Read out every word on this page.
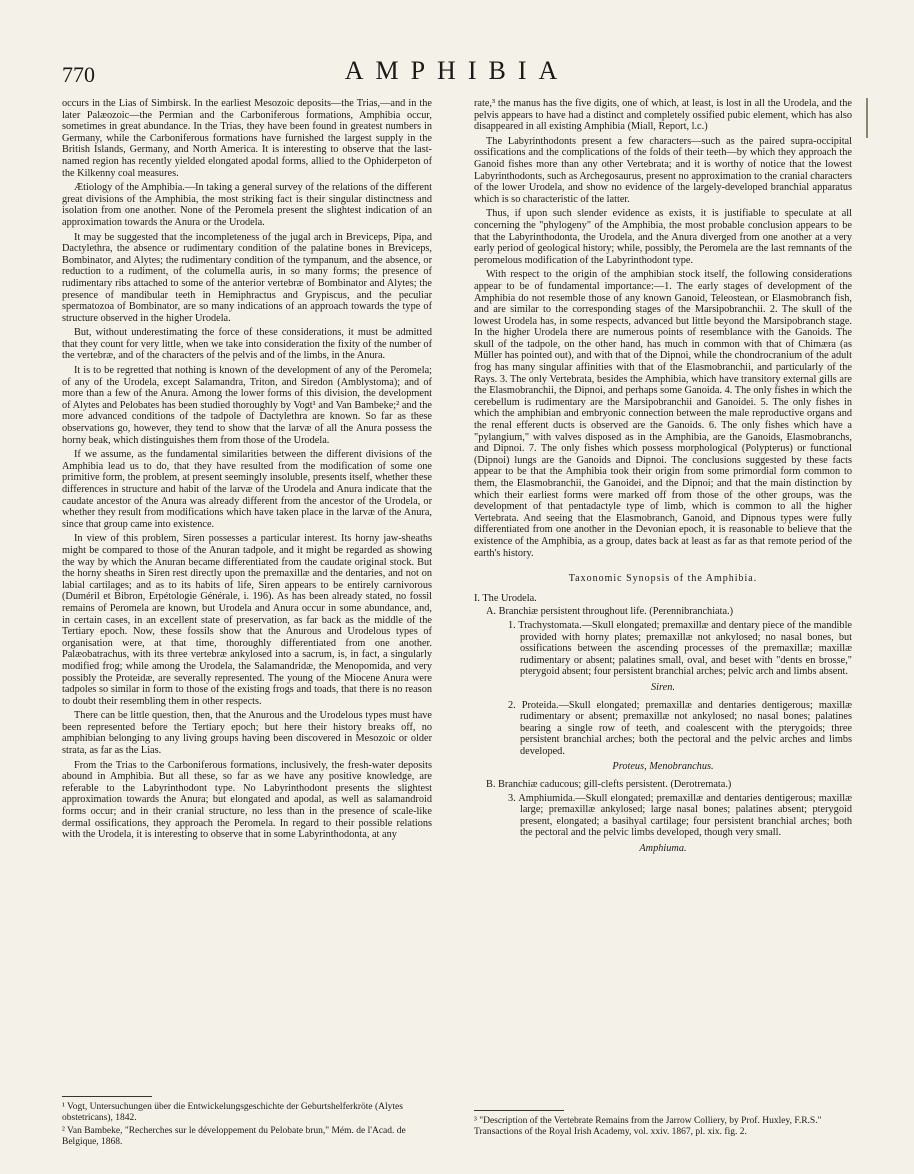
770	AMPHIBIA

occurs in the Lias of Simbirsk. In the earliest Mesozoic deposits—the Trias,—and in the later Palæozoic—the Permian and the Carboniferous formations, Amphibia occur, sometimes in great abundance. In the Trias, they have been found in greatest numbers in Germany, while the Carboniferous formations have furnished the largest supply in the British Islands, Germany, and North America. It is interesting to observe that the last-named region has recently yielded elongated apodal forms, allied to the Ophiderpeton of the Kilkenny coal measures.

Ætiology of the Amphibia.—In taking a general survey of the relations of the different great divisions of the Amphibia, the most striking fact is their singular distinctness and isolation from one another. None of the Peromela present the slightest indication of an approximation towards the Anura or the Urodela.

It may be suggested that the incompleteness of the jugal arch in Breviceps, Pipa, and Dactylethra, the absence or rudimentary condition of the palatine bones in Breviceps, Bombinator, and Alytes; the rudimentary condition of the tympanum, and the absence, or reduction to a rudiment, of the columella auris, in so many forms; the presence of rudimentary ribs attached to some of the anterior vertebræ of Bombinator and Alytes; the presence of mandibular teeth in Hemiphractus and Grypiscus, and the peculiar spermatozoa of Bombinator, are so many indications of an approach towards the type of structure observed in the higher Urodela.

But, without underestimating the force of these considerations, it must be admitted that they count for very little, when we take into consideration the fixity of the number of the vertebræ, and of the characters of the pelvis and of the limbs, in the Anura.

It is to be regretted that nothing is known of the development of any of the Peromela; of any of the Urodela, except Salamandra, Triton, and Siredon (Amblystoma); and of more than a few of the Anura. Among the lower forms of this division, the development of Alytes and Pelobates has been studied thoroughly by Vogt¹ and Van Bambeke;² and the more advanced conditions of the tadpole of Dactylethra are known. So far as these observations go, however, they tend to show that the larvæ of all the Anura possess the horny beak, which distinguishes them from those of the Urodela.

If we assume, as the fundamental similarities between the different divisions of the Amphibia lead us to do, that they have resulted from the modification of some one primitive form, the problem, at present seemingly insoluble, presents itself, whether these differences in structure and habit of the larvæ of the Urodela and Anura indicate that the caudate ancestor of the Anura was already different from the ancestor of the Urodela, or whether they result from modifications which have taken place in the larvæ of the Anura, since that group came into existence.

In view of this problem, Siren possesses a particular interest. Its horny jaw-sheaths might be compared to those of the Anuran tadpole, and it might be regarded as showing the way by which the Anuran became differentiated from the caudate original stock. But the horny sheaths in Siren rest directly upon the premaxillæ and the dentaries, and not on labial cartilages; and as to its habits of life, Siren appears to be entirely carnivorous (Duméril et Bibron, Erpétologie Générale, i. 196). As has been already stated, no fossil remains of Peromela are known, but Urodela and Anura occur in some abundance, and, in certain cases, in an excellent state of preservation, as far back as the middle of the Tertiary epoch. Now, these fossils show that the Anurous and Urodelous types of organisation were, at that time, thoroughly differentiated from one another. Palæobatrachus, with its three vertebræ ankylosed into a sacrum, is, in fact, a singularly modified frog; while among the Urodela, the Salamandridæ, the Menopomida, and very possibly the Proteidæ, are severally represented. The young of the Miocene Anura were tadpoles so similar in form to those of the existing frogs and toads, that there is no reason to doubt their resembling them in other respects.

There can be little question, then, that the Anurous and the Urodelous types must have been represented before the Tertiary epoch; but here their history breaks off, no amphibian belonging to any living groups having been discovered in Mesozoic or older strata, as far as the Lias.

From the Trias to the Carboniferous formations, inclusively, the fresh-water deposits abound in Amphibia. But all these, so far as we have any positive knowledge, are referable to the Labyrinthodont type. No Labyrinthodont presents the slightest approximation towards the Anura; but elongated and apodal, as well as salamandroid forms occur; and in their cranial structure, no less than in the presence of scale-like dermal ossifications, they approach the Peromela. In regard to their possible relations with the Urodela, it is interesting to observe that in some Labyrinthodonta, at any

rate,³ the manus has the five digits, one of which, at least, is lost in all the Urodela, and the pelvis appears to have had a distinct and completely ossified pubic element, which has also disappeared in all existing Amphibia (Miall, Report, l.c.)

The Labyrinthodonts present a few characters—such as the paired supra-occipital ossifications and the complications of the folds of their teeth—by which they approach the Ganoid fishes more than any other Vertebrata; and it is worthy of notice that the lowest Labyrinthodonts, such as Archegosaurus, present no approximation to the cranial characters of the lower Urodela, and show no evidence of the largely-developed branchial apparatus which is so characteristic of the latter.

Thus, if upon such slender evidence as exists, it is justifiable to speculate at all concerning the "phylogeny" of the Amphibia, the most probable conclusion appears to be that the Labyrinthodonta, the Urodela, and the Anura diverged from one another at a very early period of geological history; while, possibly, the Peromela are the last remnants of the peromelous modification of the Labyrinthodont type.

With respect to the origin of the amphibian stock itself, the following considerations appear to be of fundamental importance:—1. The early stages of development of the Amphibia do not resemble those of any known Ganoid, Teleostean, or Elasmobranch fish, and are similar to the corresponding stages of the Marsipobranchii. 2. The skull of the lowest Urodela has, in some respects, advanced but little beyond the Marsipobranch stage. In the higher Urodela there are numerous points of resemblance with the Ganoids. The skull of the tadpole, on the other hand, has much in common with that of Chimæra (as Müller has pointed out), and with that of the Dipnoi, while the chondrocranium of the adult frog has many singular affinities with that of the Elasmobranchii, and particularly of the Rays. 3. The only Vertebrata, besides the Amphibia, which have transitory external gills are the Elasmobranchii, the Dipnoi, and perhaps some Ganoida. 4. The only fishes in which the cerebellum is rudimentary are the Marsipobranchii and Ganoidei. 5. The only fishes in which the amphibian and embryonic connection between the male reproductive organs and the renal efferent ducts is observed are the Ganoids. 6. The only fishes which have a "pylangium," with valves disposed as in the Amphibia, are the Ganoids, Elasmobranchs, and Dipnoi. 7. The only fishes which possess morphological (Polypterus) or functional (Dipnoi) lungs are the Ganoids and Dipnoi. The conclusions suggested by these facts appear to be that the Amphibia took their origin from some primordial form common to them, the Elasmobranchii, the Ganoidei, and the Dipnoi; and that the main distinction by which their earliest forms were marked off from those of the other groups, was the development of that pentadactyle type of limb, which is common to all the higher Vertebrata. And seeing that the Elasmobranch, Ganoid, and Dipnous types were fully differentiated from one another in the Devonian epoch, it is reasonable to believe that the existence of the Amphibia, as a group, dates back at least as far as that remote period of the earth's history.

Taxonomic Synopsis of the Amphibia.
I. The Urodela.
A. Branchiæ persistent throughout life. (Perennibranchiata.)
1. Trachystomata.—Skull elongated; premaxillæ and dentary piece of the mandible provided with horny plates; premaxillæ not ankylosed; no nasal bones, but ossifications between the ascending processes of the premaxillæ; maxillæ rudimentary or absent; palatines small, oval, and beset with "dents en brosse," pterygoid absent; four persistent branchial arches; pelvic arch and limbs absent.
Siren.
2. Proteida.—Skull elongated; premaxillæ and dentaries dentigerous; maxillæ rudimentary or absent; premaxillæ not ankylosed; no nasal bones; palatines bearing a single row of teeth, and coalescent with the pterygoids; three persistent branchial arches; both the pectoral and the pelvic arches and limbs developed.
Proteus, Menobranchus.
B. Branchiæ caducous; gill-clefts persistent. (Derotremata.)
3. Amphiumida.—Skull elongated; premaxillæ and dentaries dentigerous; maxillæ large; premaxillæ ankylosed; large nasal bones; palatines absent; pterygoid present, elongated; a basihyal cartilage; four persistent branchial arches; both the pectoral and the pelvic limbs developed, though very small.
Amphiuma.

¹ Vogt, Untersuchungen über die Entwickelungsgeschichte der Geburtshelferkröte (Alytes obstetricans), 1842.

² Van Bambeke, "Recherches sur le développement du Pelobate brun," Mém. de l'Acad. de Belgique, 1868.

³ "Description of the Vertebrate Remains from the Jarrow Colliery, by Prof. Huxley, F.R.S." Transactions of the Royal Irish Academy, vol. xxiv. 1867, pl. xix. fig. 2.
